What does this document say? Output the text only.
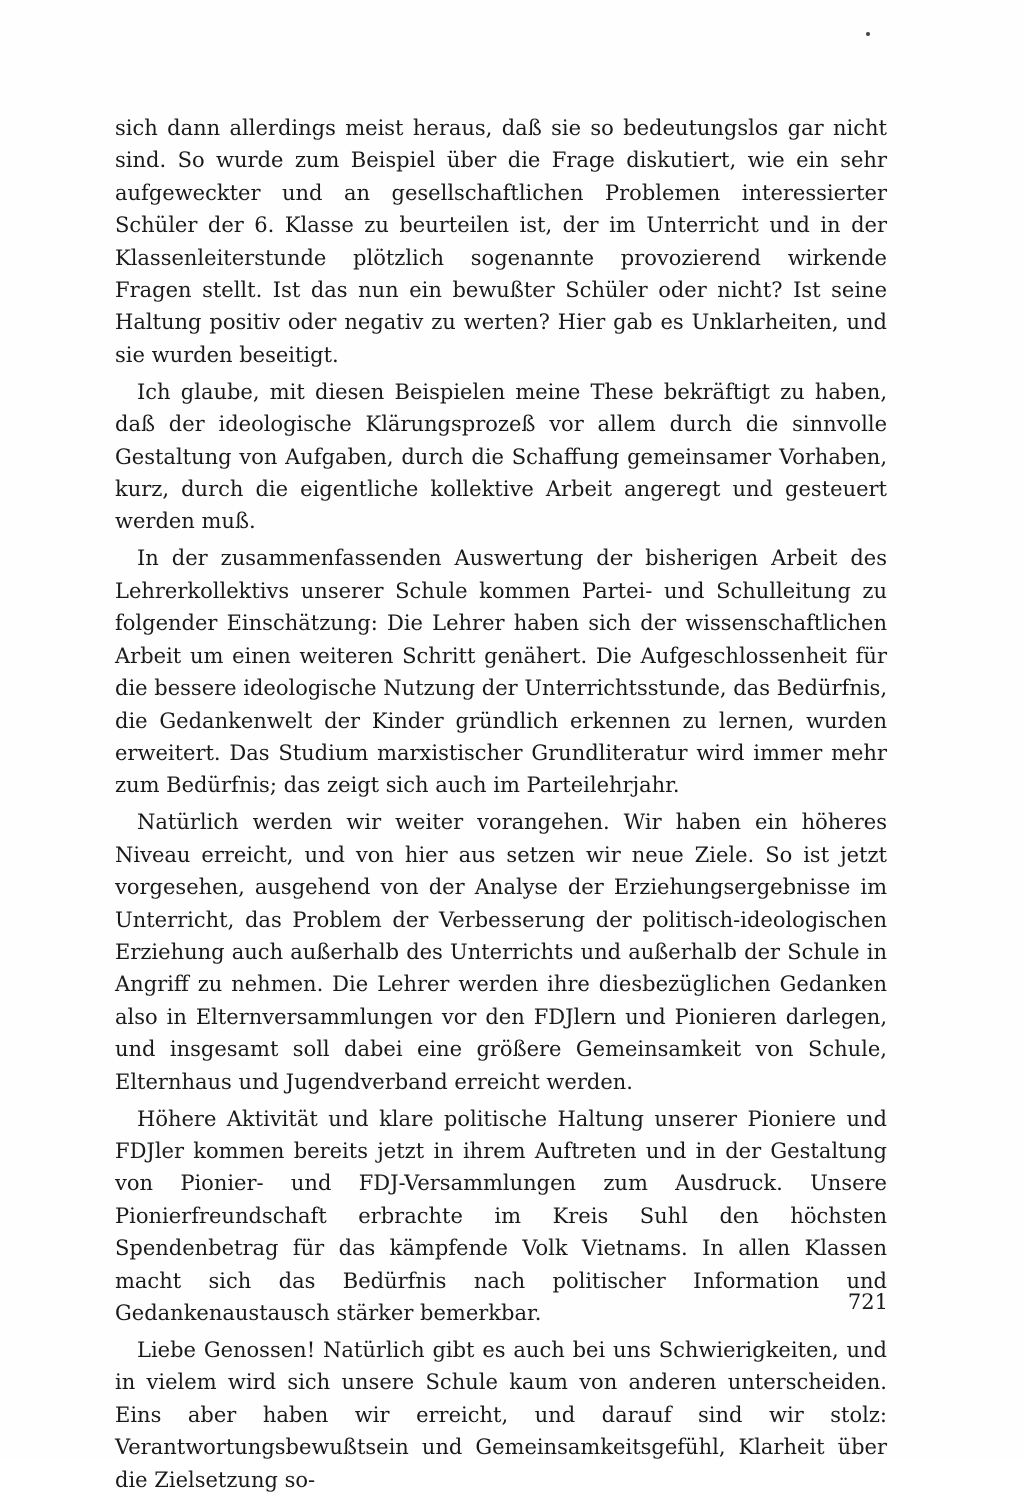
sich dann allerdings meist heraus, daß sie so bedeutungslos gar nicht sind. So wurde zum Beispiel über die Frage diskutiert, wie ein sehr aufgeweckter und an gesellschaftlichen Problemen interessierter Schüler der 6. Klasse zu beurteilen ist, der im Unterricht und in der Klassenleiterstunde plötzlich sogenannte provozierend wirkende Fragen stellt. Ist das nun ein bewußter Schüler oder nicht? Ist seine Haltung positiv oder negativ zu werten? Hier gab es Unklarheiten, und sie wurden beseitigt.

Ich glaube, mit diesen Beispielen meine These bekräftigt zu haben, daß der ideologische Klärungsprozeß vor allem durch die sinnvolle Gestaltung von Aufgaben, durch die Schaffung gemeinsamer Vorhaben, kurz, durch die eigentliche kollektive Arbeit angeregt und gesteuert werden muß.

In der zusammenfassenden Auswertung der bisherigen Arbeit des Lehrerkollektivs unserer Schule kommen Partei- und Schulleitung zu folgender Einschätzung: Die Lehrer haben sich der wissenschaftlichen Arbeit um einen weiteren Schritt genähert. Die Aufgeschlossenheit für die bessere ideologische Nutzung der Unterrichtsstunde, das Bedürfnis, die Gedankenwelt der Kinder gründlich erkennen zu lernen, wurden erweitert. Das Studium marxistischer Grundliteratur wird immer mehr zum Bedürfnis; das zeigt sich auch im Parteilehrjahr.

Natürlich werden wir weiter vorangehen. Wir haben ein höheres Niveau erreicht, und von hier aus setzen wir neue Ziele. So ist jetzt vorgesehen, ausgehend von der Analyse der Erziehungsergebnisse im Unterricht, das Problem der Verbesserung der politisch-ideologischen Erziehung auch außerhalb des Unterrichts und außerhalb der Schule in Angriff zu nehmen. Die Lehrer werden ihre diesbezüglichen Gedanken also in Elternversammlungen vor den FDJlern und Pionieren darlegen, und insgesamt soll dabei eine größere Gemeinsamkeit von Schule, Elternhaus und Jugendverband erreicht werden.

Höhere Aktivität und klare politische Haltung unserer Pioniere und FDJler kommen bereits jetzt in ihrem Auftreten und in der Gestaltung von Pionier- und FDJ-Versammlungen zum Ausdruck. Unsere Pionierfreundschaft erbrachte im Kreis Suhl den höchsten Spendenbetrag für das kämpfende Volk Vietnams. In allen Klassen macht sich das Bedürfnis nach politischer Information und Gedankenaustausch stärker bemerkbar.

Liebe Genossen! Natürlich gibt es auch bei uns Schwierigkeiten, und in vielem wird sich unsere Schule kaum von anderen unterscheiden. Eins aber haben wir erreicht, und darauf sind wir stolz: Verantwortungsbewußtsein und Gemeinsamkeitsgefühl, Klarheit über die Zielsetzung so-

721
